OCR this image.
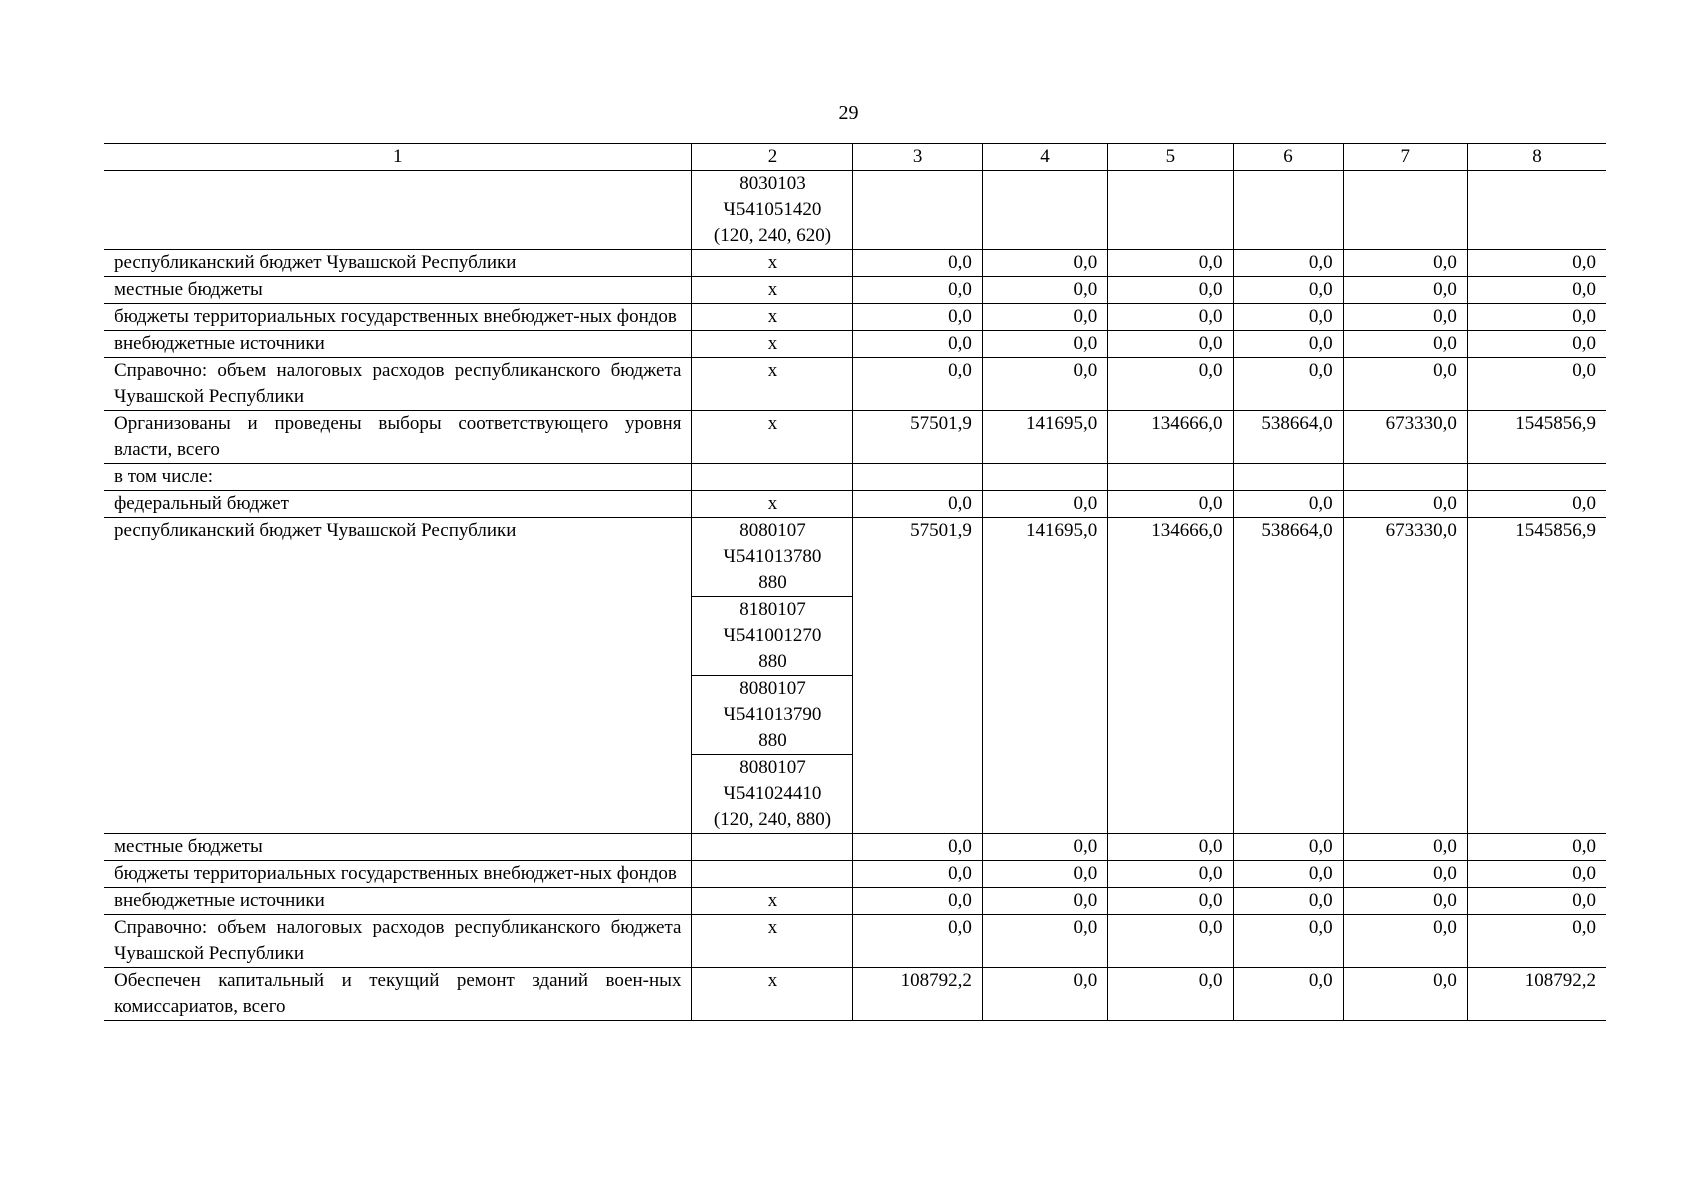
29
1	2	3	4	5	6	7	8

	8030103
Ч541051420
(120, 240, 620)						

республиканский бюджет Чувашской Республики	х	0,0	0,0	0,0	0,0	0,0	0,0
местные бюджеты	х	0,0	0,0	0,0	0,0	0,0	0,0
бюджеты территориальных государственных внебюджет-ных фондов	х	0,0	0,0	0,0	0,0	0,0	0,0
внебюджетные источники	х	0,0	0,0	0,0	0,0	0,0	0,0
Справочно: объем налоговых расходов республиканского бюджета Чувашской Республики	х	0,0	0,0	0,0	0,0	0,0	0,0
Организованы и проведены выборы соответствующего уровня власти, всего	х	57501,9	141695,0	134666,0	538664,0	673330,0	1545856,9
в том числе:							
федеральный бюджет	х	0,0	0,0	0,0	0,0	0,0	0,0
республиканский бюджет Чувашской Республики	8080107
Ч541013780
880	57501,9	141695,0	134666,0	538664,0	673330,0	1545856,9

	8180107
Ч541001270
880						

	8080107
Ч541013790
880						

	8080107
Ч541024410
(120, 240, 880)						

местные бюджеты		0,0	0,0	0,0	0,0	0,0	0,0
бюджеты территориальных государственных внебюджет-ных фондов		0,0	0,0	0,0	0,0	0,0	0,0
внебюджетные источники	х	0,0	0,0	0,0	0,0	0,0	0,0
Справочно: объем налоговых расходов республиканского бюджета Чувашской Республики	х	0,0	0,0	0,0	0,0	0,0	0,0
Обеспечен капитальный и текущий ремонт зданий воен-ных комиссариатов, всего	х	108792,2	0,0	0,0	0,0	0,0	108792,2
